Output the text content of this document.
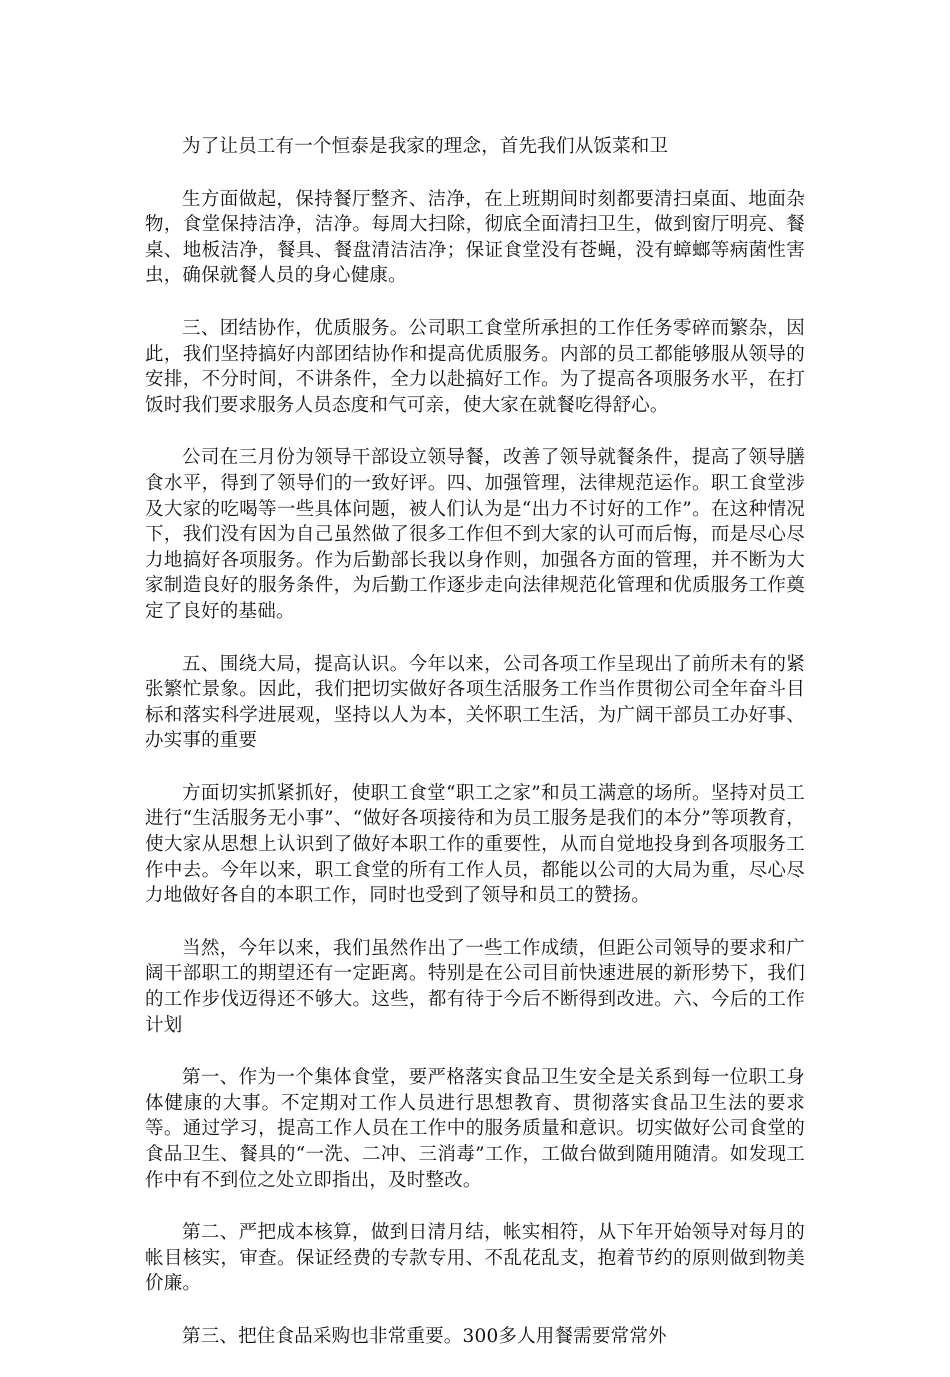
为了让员工有一个恒泰是我家的理念，首先我们从饭菜和卫

生方面做起，保持餐厅整齐、洁净，在上班期间时刻都要清扫桌面、地面杂物，食堂保持洁净，洁净。每周大扫除，彻底全面清扫卫生，做到窗厅明亮、餐桌、地板洁净，餐具、餐盘清洁洁净；保证食堂没有苍蝇，没有蟑螂等病菌性害虫，确保就餐人员的身心健康。

三、团结协作，优质服务。公司职工食堂所承担的工作任务零碎而繁杂，因此，我们坚持搞好内部团结协作和提高优质服务。内部的员工都能够服从领导的安排，不分时间，不讲条件，全力以赴搞好工作。为了提高各项服务水平，在打饭时我们要求服务人员态度和气可亲，使大家在就餐吃得舒心。

公司在三月份为领导干部设立领导餐，改善了领导就餐条件，提高了领导膳食水平，得到了领导们的一致好评。四、加强管理，法律规范运作。职工食堂涉及大家的吃喝等一些具体问题，被人们认为是“出力不讨好的工作”。在这种情况下，我们没有因为自己虽然做了很多工作但不到大家的认可而后悔，而是尽心尽力地搞好各项服务。作为后勤部长我以身作则，加强各方面的管理，并不断为大家制造良好的服务条件，为后勤工作逐步走向法律规范化管理和优质服务工作奠定了良好的基础。

五、围绕大局，提高认识。今年以来，公司各项工作呈现出了前所未有的紧张繁忙景象。因此，我们把切实做好各项生活服务工作当作贯彻公司全年奋斗目标和落实科学进展观，坚持以人为本，关怀职工生活，为广阔干部员工办好事、办实事的重要

方面切实抓紧抓好，使职工食堂“职工之家”和员工满意的场所。坚持对员工进行“生活服务无小事”、“做好各项接待和为员工服务是我们的本分”等项教育，使大家从思想上认识到了做好本职工作的重要性，从而自觉地投身到各项服务工作中去。今年以来，职工食堂的所有工作人员，都能以公司的大局为重，尽心尽力地做好各自的本职工作，同时也受到了领导和员工的赞扬。

当然，今年以来，我们虽然作出了一些工作成绩，但距公司领导的要求和广阔干部职工的期望还有一定距离。特别是在公司目前快速进展的新形势下，我们的工作步伐迈得还不够大。这些，都有待于今后不断得到改进。六、今后的工作计划

第一、作为一个集体食堂，要严格落实食品卫生安全是关系到每一位职工身体健康的大事。不定期对工作人员进行思想教育、贯彻落实食品卫生法的要求等。通过学习，提高工作人员在工作中的服务质量和意识。切实做好公司食堂的食品卫生、餐具的“一洗、二冲、三消毒”工作，工做台做到随用随清。如发现工作中有不到位之处立即指出，及时整改。

第二、严把成本核算，做到日清月结，帐实相符，从下年开始领导对每月的帐目核实，审查。保证经费的专款专用、不乱花乱支，抱着节约的原则做到物美价廉。

第三、把住食品采购也非常重要。300多人用餐需要常常外
